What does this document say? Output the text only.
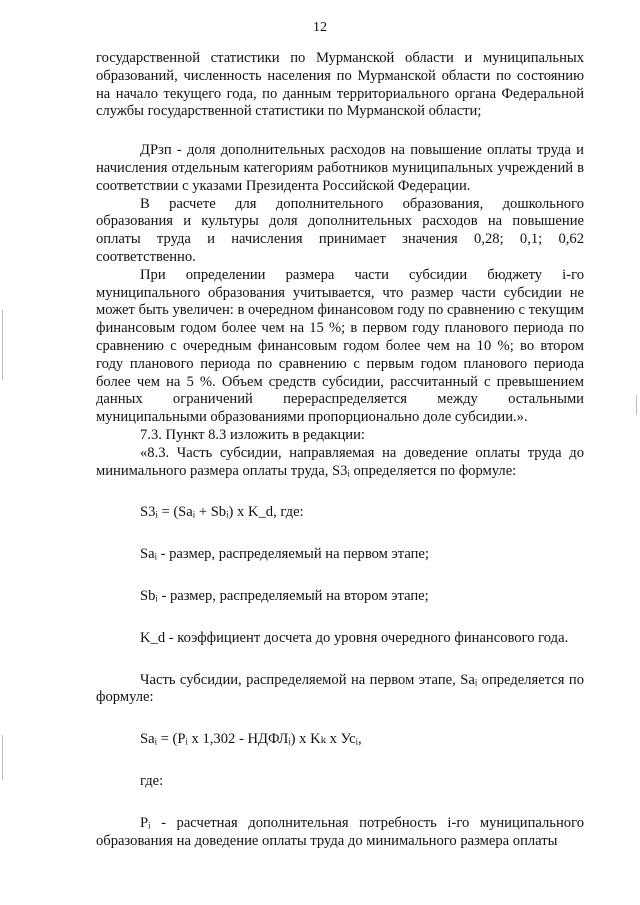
12

государственной статистики по Мурманской области и муниципальных образований, численность населения по Мурманской области по состоянию на начало текущего года, по данным территориального органа Федеральной службы государственной статистики по Мурманской области;

ДРзп - доля дополнительных расходов на повышение оплаты труда и начисления отдельным категориям работников муниципальных учреждений в соответствии с указами Президента Российской Федерации.

В расчете для дополнительного образования, дошкольного образования и культуры доля дополнительных расходов на повышение оплаты труда и начисления принимает значения 0,28; 0,1; 0,62 соответственно.

При определении размера части субсидии бюджету i-го муниципального образования учитывается, что размер части субсидии не может быть увеличен: в очередном финансовом году по сравнению с текущим финансовым годом более чем на 15 %; в первом году планового периода по сравнению с очередным финансовым годом более чем на 10 %; во втором году планового периода по сравнению с первым годом планового периода более чем на 5 %. Объем средств субсидии, рассчитанный с превышением данных ограничений перераспределяется между остальными муниципальными образованиями пропорционально доле субсидии.».

7.3. Пункт 8.3 изложить в редакции:

«8.3. Часть субсидии, направляемая на доведение оплаты труда до минимального размера оплаты труда, S3ᵢ определяется по формуле:

S3ᵢ = (Saᵢ + Sbᵢ) x K_d, где:

Saᵢ - размер, распределяемый на первом этапе;

Sbᵢ - размер, распределяемый на втором этапе;

K_d - коэффициент досчета до уровня очередного финансового года.

Часть субсидии, распределяемой на первом этапе, Saᵢ определяется по формуле:

Saᵢ = (Pᵢ x 1,302 - НДФЛᵢ) x Kₖ x Усᵢ,

где:

Pᵢ - расчетная дополнительная потребность i-го муниципального образования на доведение оплаты труда до минимального размера оплаты
